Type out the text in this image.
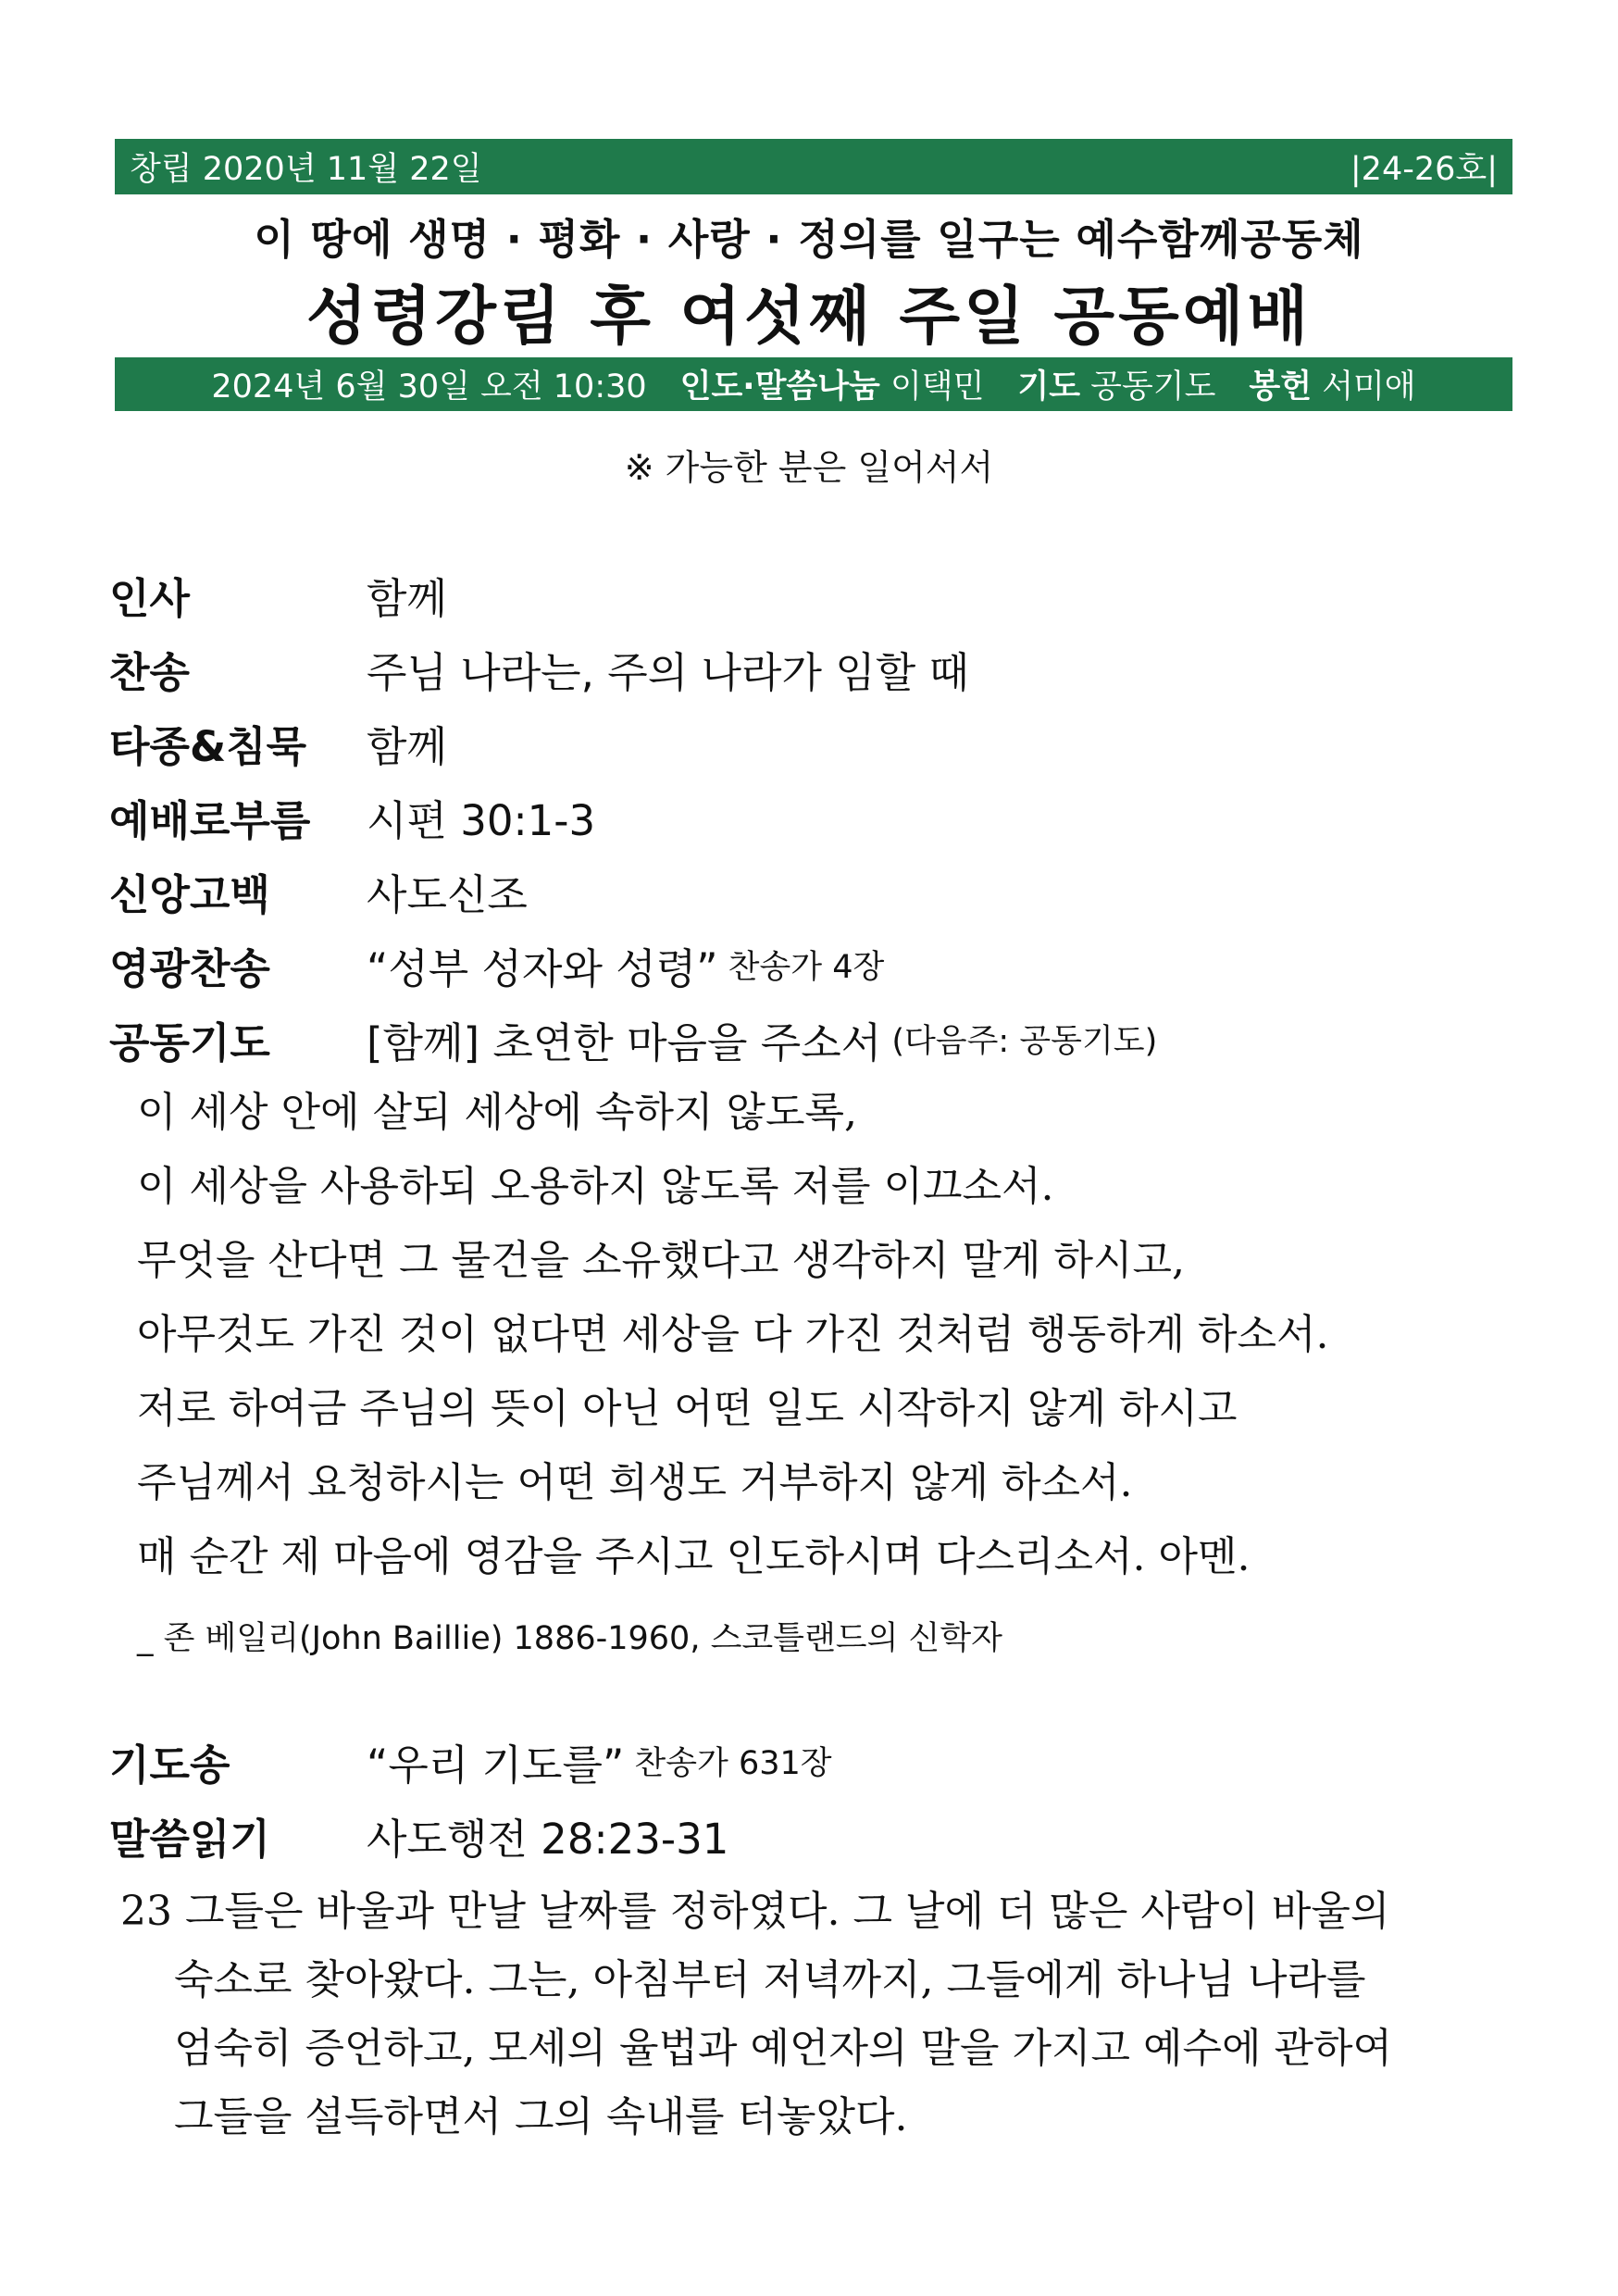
창립 2020년 11월 22일	|24-26호|
이 땅에 생명 · 평화 · 사랑 · 정의를 일구는 예수함께공동체
성령강림 후 여섯째 주일 공동예배
2024년 6월 30일 오전 10:30 인도·말씀나눔
이택민 기도
공동기도 봉헌
서미애
※ 가능한 분은 일어서서
인사	함께
찬송	주님 나라는, 주의 나라가 임할 때
타종&침묵	함께
예배로부름	시편 30:1-3
신앙고백	사도신조
영광찬송	“성부 성자와 성령” 찬송가 4장
공동기도	[함께] 초연한 마음을 주소서 (다음주: 공동기도)
이 세상 안에 살되 세상에 속하지 않도록,
이 세상을 사용하되 오용하지 않도록 저를 이끄소서.
무엇을 산다면 그 물건을 소유했다고 생각하지 말게 하시고,
아무것도 가진 것이 없다면 세상을 다 가진 것처럼 행동하게 하소서.
저로 하여금 주님의 뜻이 아닌 어떤 일도 시작하지 않게 하시고
주님께서 요청하시는 어떤 희생도 거부하지 않게 하소서.
매 순간 제 마음에 영감을 주시고 인도하시며 다스리소서. 아멘.
_ 존 베일리(John Baillie) 1886-1960, 스코틀랜드의 신학자
기도송	“우리 기도를” 찬송가 631장
말씀읽기	사도행전 28:23-31
23 그들은 바울과 만날 날짜를 정하였다. 그 날에 더 많은 사람이 바울의
숙소로 찾아왔다. 그는, 아침부터 저녁까지, 그들에게 하나님 나라를
엄숙히 증언하고, 모세의 율법과 예언자의 말을 가지고 예수에 관하여
그들을 설득하면서 그의 속내를 터놓았다.
